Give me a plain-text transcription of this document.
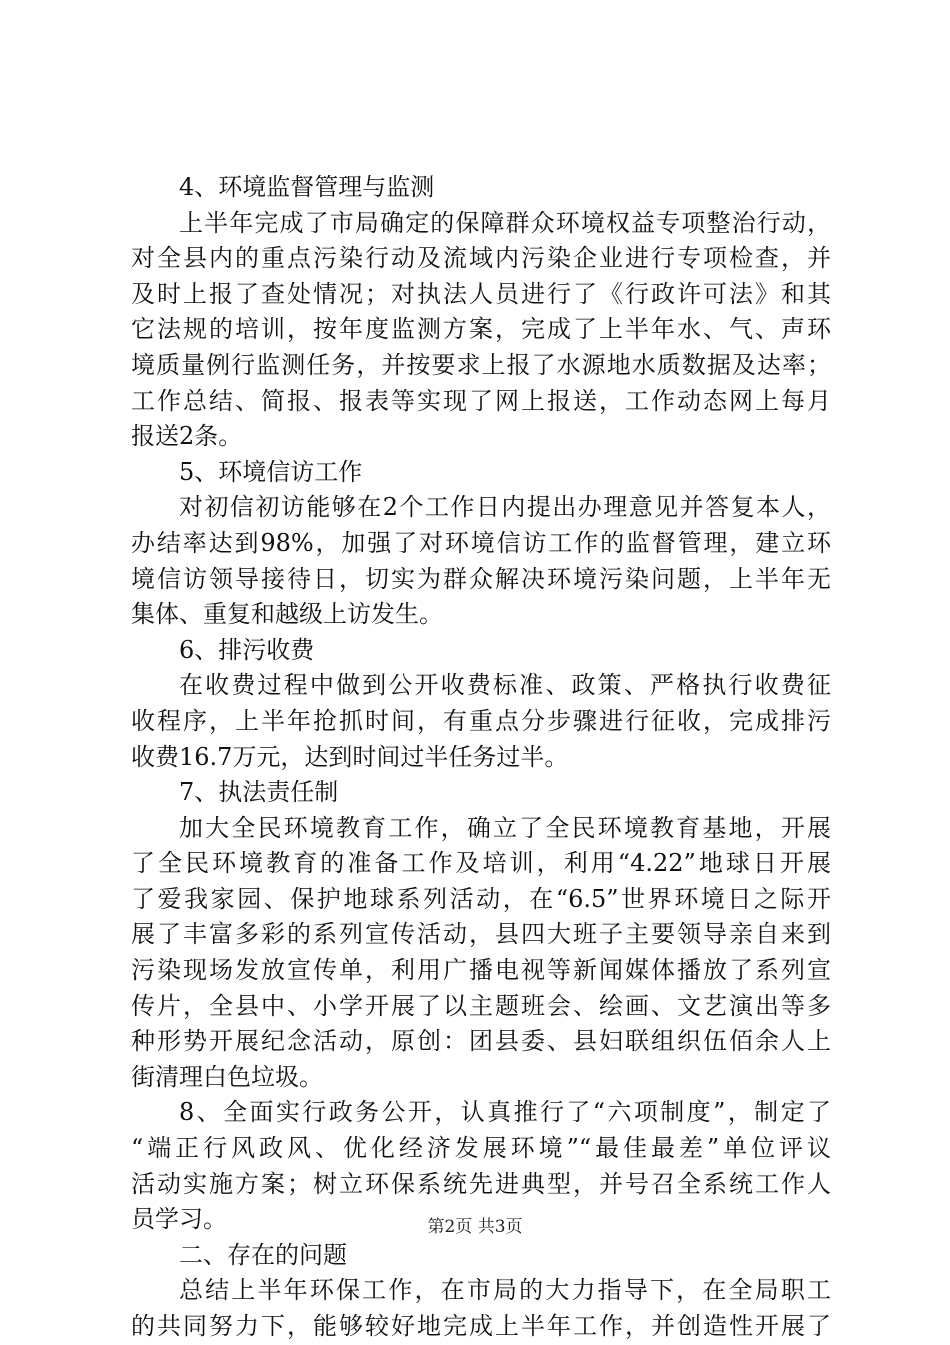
4、环境监督管理与监测
上半年完成了市局确定的保障群众环境权益专项整治行动，
对全县内的重点污染行动及流域内污染企业进行专项检查，并
及时上报了查处情况；对执法人员进行了《行政许可法》和其
它法规的培训，按年度监测方案，完成了上半年水、气、声环
境质量例行监测任务，并按要求上报了水源地水质数据及达率；
工作总结、简报、报表等实现了网上报送，工作动态网上每月
报送2条。
5、环境信访工作
对初信初访能够在2个工作日内提出办理意见并答复本人，
办结率达到98%，加强了对环境信访工作的监督管理，建立环
境信访领导接待日，切实为群众解决环境污染问题，上半年无
集体、重复和越级上访发生。
6、排污收费
在收费过程中做到公开收费标准、政策、严格执行收费征
收程序，上半年抢抓时间，有重点分步骤进行征收，完成排污
收费16.7万元，达到时间过半任务过半。
7、执法责任制
加大全民环境教育工作，确立了全民环境教育基地，开展
了全民环境教育的准备工作及培训，利用“4.22”地球日开展
了爱我家园、保护地球系列活动，在“6.5”世界环境日之际开
展了丰富多彩的系列宣传活动，县四大班子主要领导亲自来到
污染现场发放宣传单，利用广播电视等新闻媒体播放了系列宣
传片，全县中、小学开展了以主题班会、绘画、文艺演出等多
种形势开展纪念活动，原创：团县委、县妇联组织伍佰余人上
街清理白色垃圾。
8、全面实行政务公开，认真推行了“六项制度”，制定了
“端正行风政风、优化经济发展环境”“最佳最差”单位评议
活动实施方案；树立环保系统先进典型，并号召全系统工作人
员学习。
二、存在的问题
总结上半年环保工作，在市局的大力指导下，在全局职工
的共同努力下，能够较好地完成上半年工作，并创造性开展了
第2页 共3页
